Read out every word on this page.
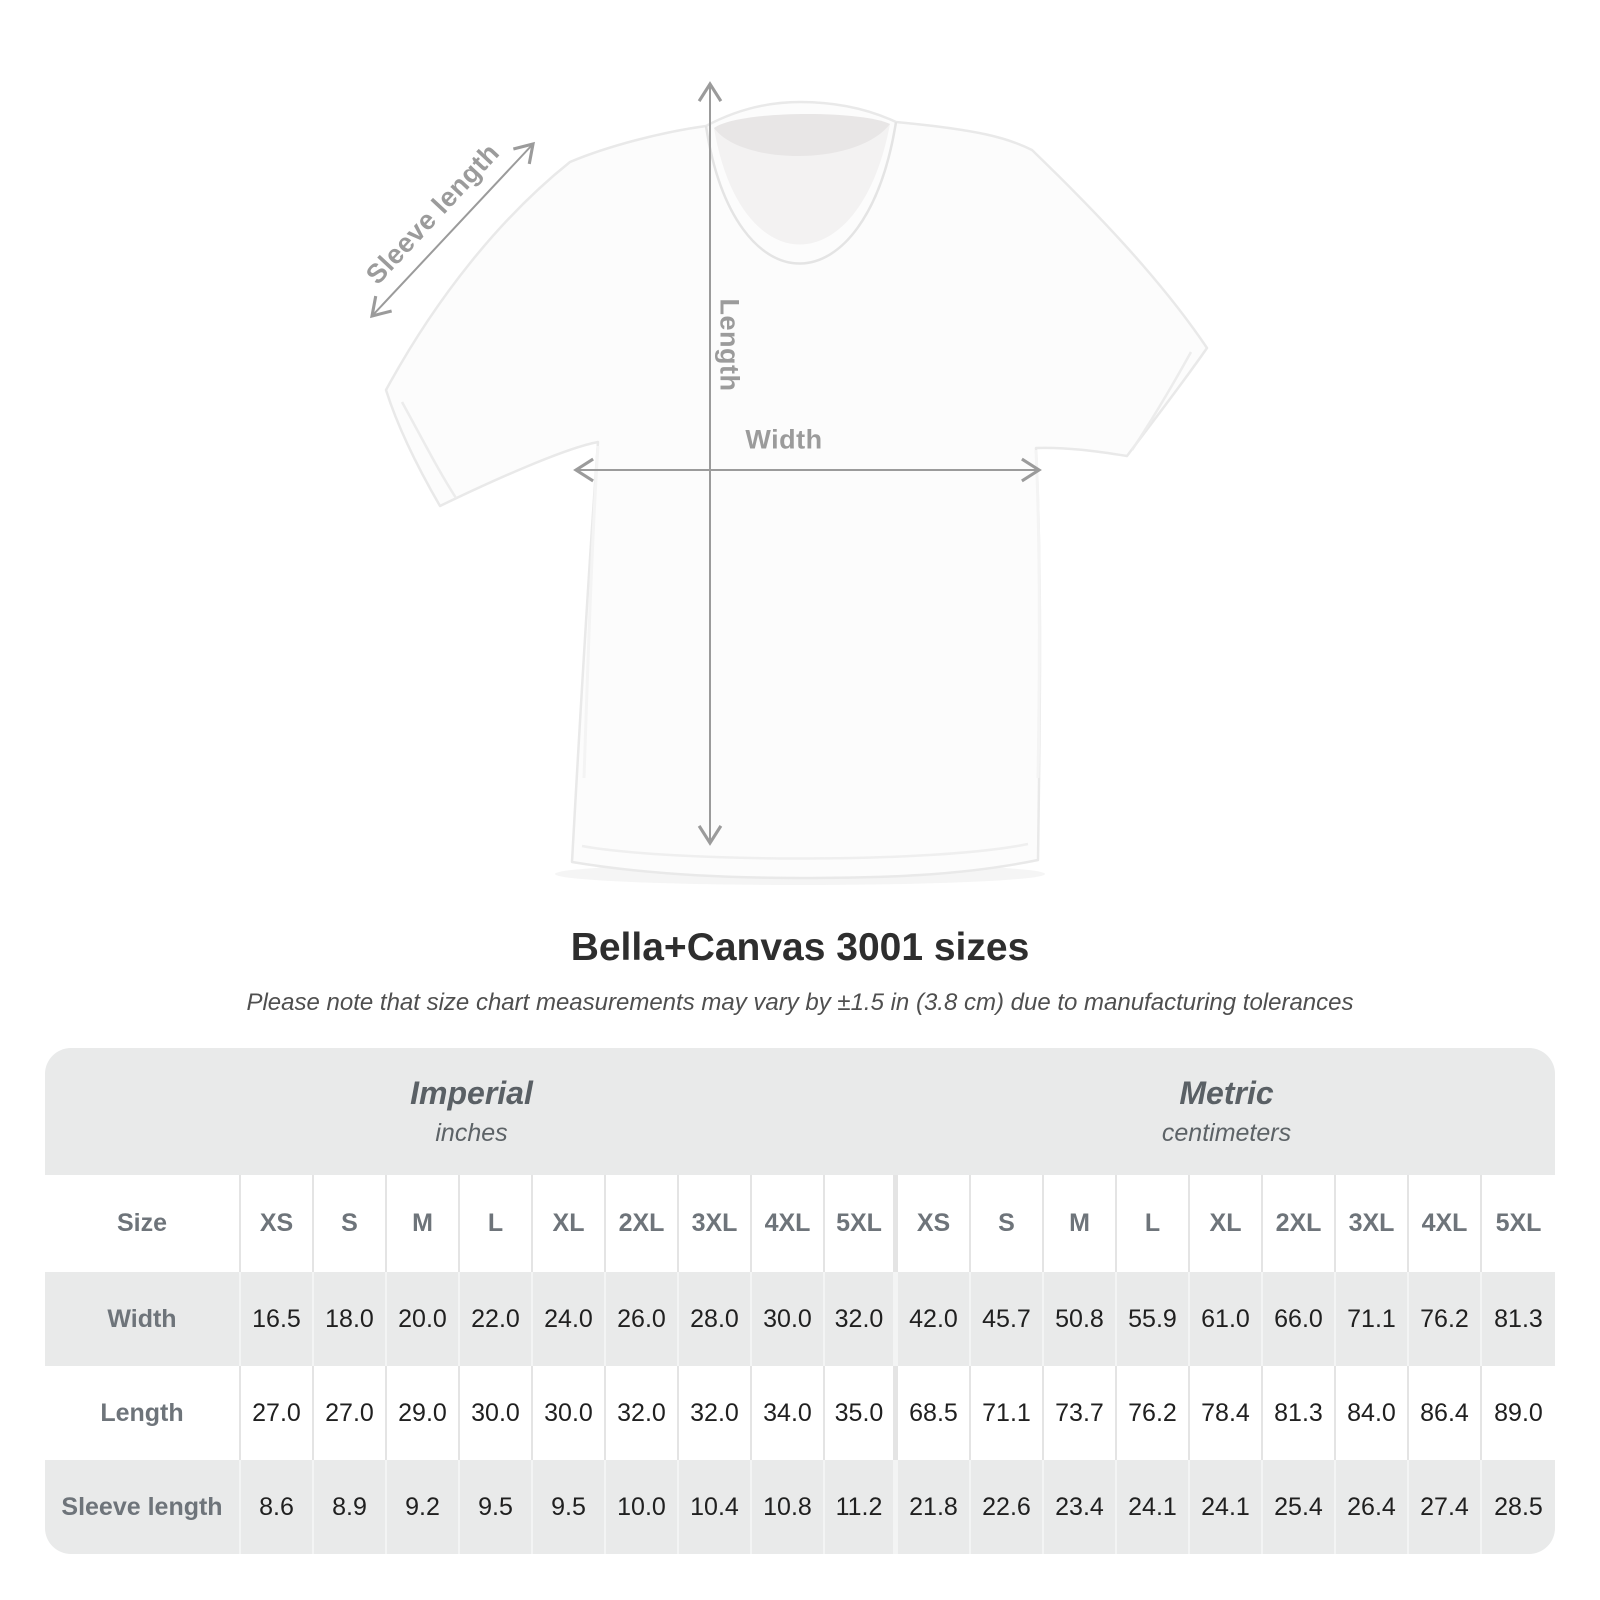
Sleeve length
Length
Width
Bella+Canvas 3001 sizes

Please note that size chart measurements may vary by ±1.5 in (3.8 cm) due to manufacturing tolerances

Imperial
inches
Metric
centimeters
Size	XS	S	M	L	XL	2XL	3XL	4XL	5XL	XS	S	M	L	XL	2XL	3XL	4XL	5XL
Width	16.5 18.0 20.0 22.0 24.0 26.0 28.0 30.0 32.0	42.0 45.7 50.8 55.9 61.0 66.0 71.1 76.2	81.3
Length	27.0 27.0 29.0 30.0 30.0 32.0 32.0 34.0 35.0	68.5 71.1 73.7 76.2 78.4 81.3 84.0 86.4	89.0
Sleeve length	8.6	8.9	9.2	9.5	9.5	10.0 10.4 10.8 11.2	21.8 22.6 23.4 24.1 24.1 25.4 26.4 27.4	28.5
